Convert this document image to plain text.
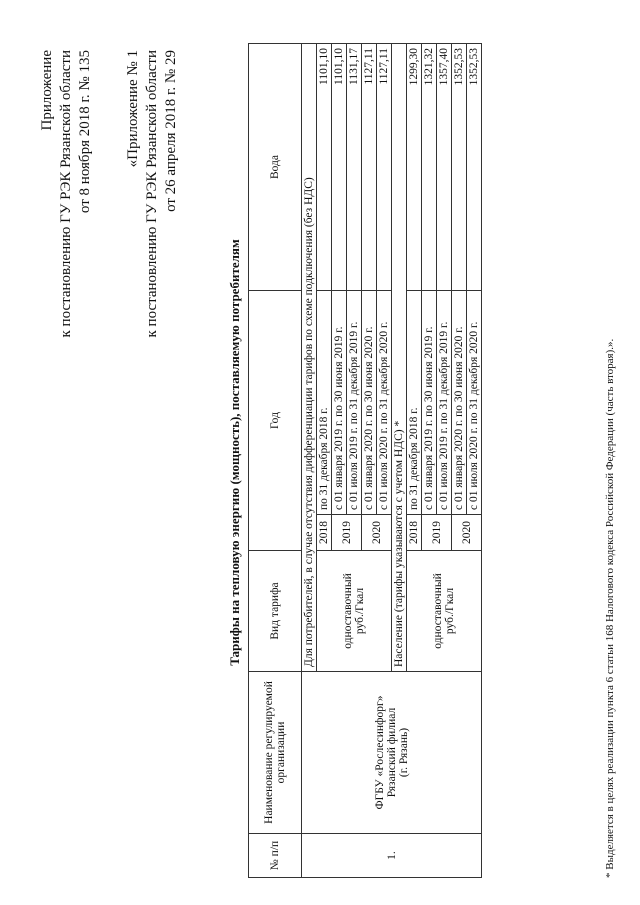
Приложение к постановлению ГУ РЭК Рязанской области от 8 ноября 2018 г. № 135 «Приложение № 1 к постановлению ГУ РЭК Рязанской области от 26 апреля 2018 г. № 29
Тарифы на тепловую энергию (мощность), поставляемую потребителям
№ п/п	Наименование регулируемой организации	Вид тарифа	Год		Вода
1.	ФГБУ «Рослесинфорг» Рязанский филиал (г. Рязань)	Для потребителей, в случае отсутствия дифференциации тарифов по схеме подключения (без НДС)			

		одноставочный руб./Гкал	2018	по 31 декабря 2018 г.	1101,10
			2019	с 01 января 2019 г. по 30 июня 2019 г.	1101,10
				с 01 июля 2019 г. по 31 декабря 2019 г.	1131,17
			2020	с 01 января 2020 г. по 30 июня 2020 г.	1127,11
				с 01 июля 2020 г. по 31 декабря 2020 г.	1127,11
		Население (тарифы указываются с учетом НДС) *			

		одноставочный руб./Гкал	2018	по 31 декабря 2018 г.	1299,30
			2019	с 01 января 2019 г. по 30 июня 2019 г.	1321,32
				с 01 июля 2019 г. по 31 декабря 2019 г.	1357,40
			2020	с 01 января 2020 г. по 30 июня 2020 г.	1352,53
				с 01 июля 2020 г. по 31 декабря 2020 г.	1352,53
* Выделяется в целях реализации пункта 6 статьи 168 Налогового кодекса Российской Федерации (часть вторая).».
